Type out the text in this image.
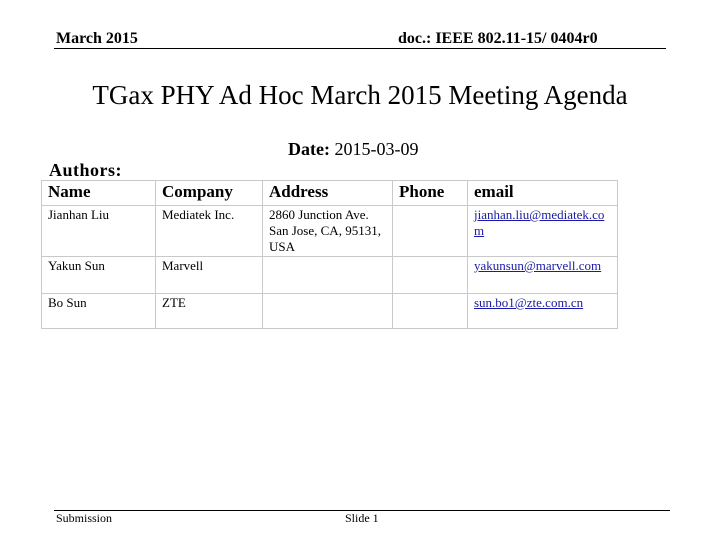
March 2015	doc.: IEEE 802.11-15/ 0404r0
TGax PHY Ad Hoc March 2015 Meeting Agenda
Date: 2015-03-09
Authors:
Name	Company	Address	Phone	email
Jianhan Liu	Mediatek Inc.	2860 Junction Ave. San Jose, CA, 95131, USA		jianhan.liu@mediatek.com
Yakun Sun	Marvell			yakunsun@marvell.com
Bo Sun	ZTE			sun.bo1@zte.com.cn
Submission	Slide 1
